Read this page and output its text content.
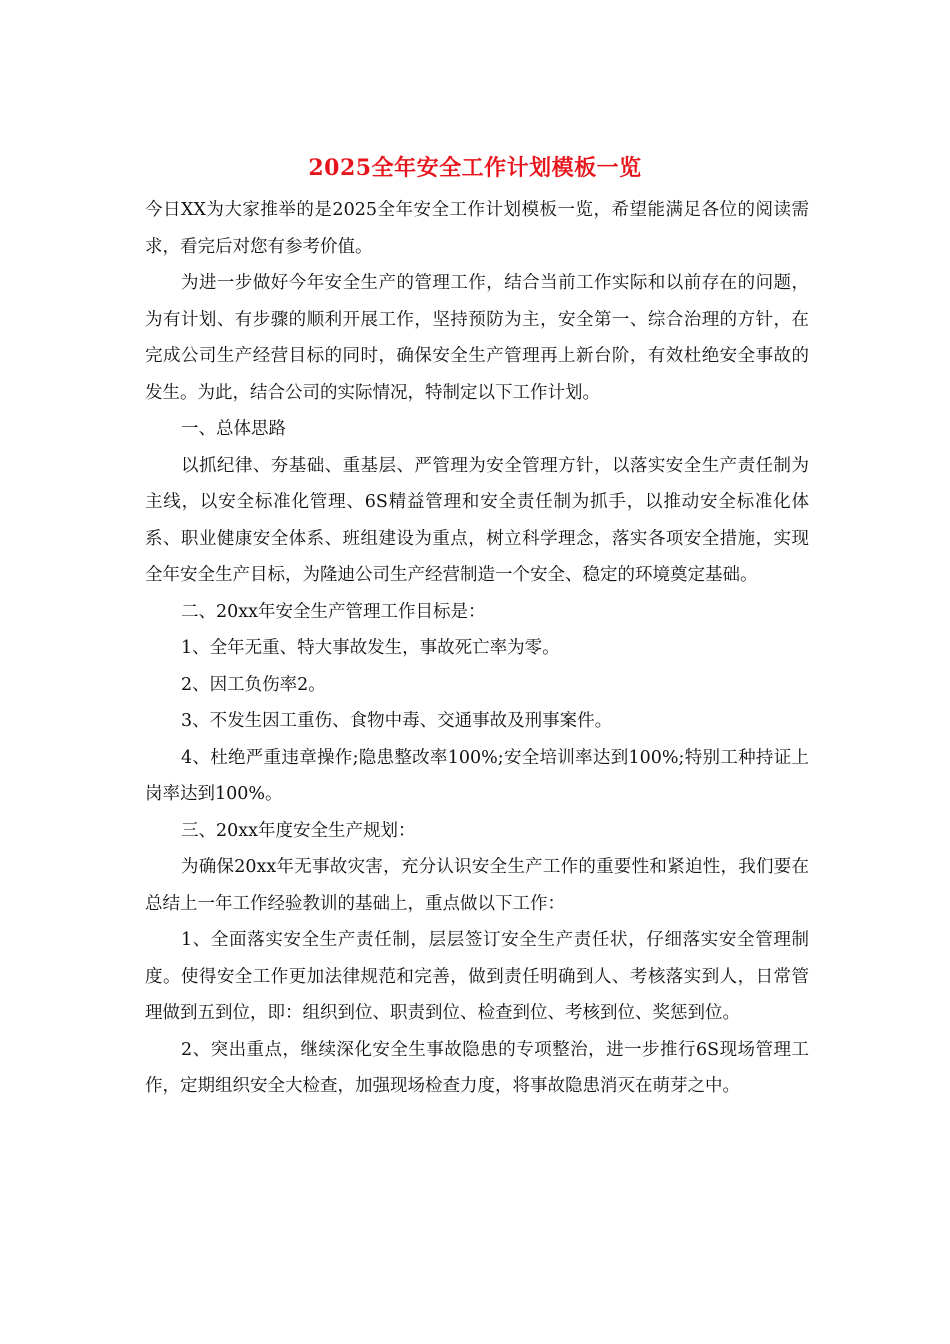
2025全年安全工作计划模板一览

今日XX为大家推举的是2025全年安全工作计划模板一览，希望能满足各位的阅读需求，看完后对您有参考价值。

为进一步做好今年安全生产的管理工作，结合当前工作实际和以前存在的问题，为有计划、有步骤的顺利开展工作，坚持预防为主，安全第一、综合治理的方针，在完成公司生产经营目标的同时，确保安全生产管理再上新台阶，有效杜绝安全事故的发生。为此，结合公司的实际情况，特制定以下工作计划。

一、总体思路

以抓纪律、夯基础、重基层、严管理为安全管理方针，以落实安全生产责任制为主线，以安全标准化管理、6S精益管理和安全责任制为抓手，以推动安全标准化体系、职业健康安全体系、班组建设为重点，树立科学理念，落实各项安全措施，实现全年安全生产目标，为隆迪公司生产经营制造一个安全、稳定的环境奠定基础。

二、20xx年安全生产管理工作目标是：

1、全年无重、特大事故发生，事故死亡率为零。

2、因工负伤率2。

3、不发生因工重伤、食物中毒、交通事故及刑事案件。

4、杜绝严重违章操作;隐患整改率100%;安全培训率达到100%;特别工种持证上岗率达到100%。

三、20xx年度安全生产规划：

为确保20xx年无事故灾害，充分认识安全生产工作的重要性和紧迫性，我们要在总结上一年工作经验教训的基础上，重点做以下工作：

1、全面落实安全生产责任制，层层签订安全生产责任状，仔细落实安全管理制度。使得安全工作更加法律规范和完善，做到责任明确到人、考核落实到人，日常管理做到五到位，即：组织到位、职责到位、检查到位、考核到位、奖惩到位。

2、突出重点，继续深化安全生事故隐患的专项整治，进一步推行6S现场管理工作，定期组织安全大检查，加强现场检查力度，将事故隐患消灭在萌芽之中。
